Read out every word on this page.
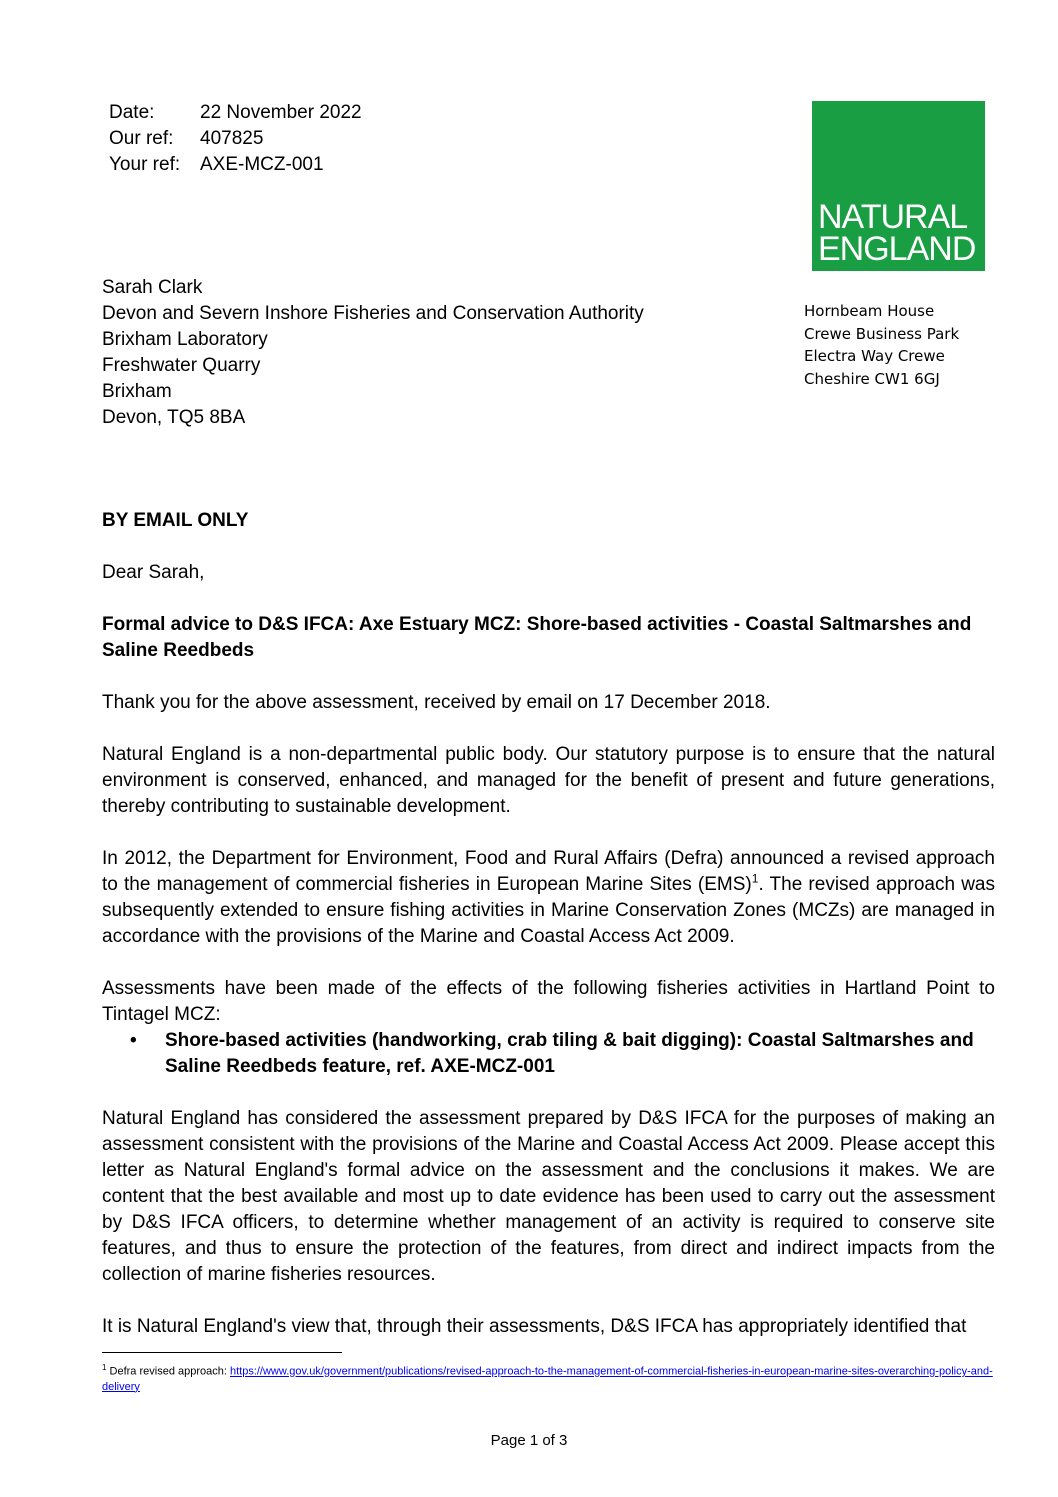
Date:	22 November 2022
Our ref:	407825
Your ref:	AXE-MCZ-001
NATURAL
ENGLAND
Hornbeam House
Crewe Business Park
Electra Way Crewe
Cheshire CW1 6GJ
Sarah Clark
Devon and Severn Inshore Fisheries and Conservation Authority
Brixham Laboratory
Freshwater Quarry
Brixham
Devon, TQ5 8BA

BY EMAIL ONLY

Dear Sarah,

Formal advice to D&S IFCA: Axe Estuary MCZ: Shore-based activities - Coastal Saltmarshes and Saline Reedbeds

Thank you for the above assessment, received by email on 17 December 2018.

Natural England is a non-departmental public body. Our statutory purpose is to ensure that the natural environment is conserved, enhanced, and managed for the benefit of present and future generations, thereby contributing to sustainable development.

In 2012, the Department for Environment, Food and Rural Affairs (Defra) announced a revised approach to the management of commercial fisheries in European Marine Sites (EMS)$^1$. The revised approach was subsequently extended to ensure fishing activities in Marine Conservation Zones (MCZs) are managed in accordance with the provisions of the Marine and Coastal Access Act 2009.

Assessments have been made of the effects of the following fisheries activities in Hartland Point to Tintagel MCZ:

•	Shore-based activities (handworking, crab tiling & bait digging): Coastal Saltmarshes and Saline Reedbeds feature, ref. AXE-MCZ-001

Natural England has considered the assessment prepared by D&S IFCA for the purposes of making an assessment consistent with the provisions of the Marine and Coastal Access Act 2009. Please accept this letter as Natural England's formal advice on the assessment and the conclusions it makes. We are content that the best available and most up to date evidence has been used to carry out the assessment by D&S IFCA officers, to determine whether management of an activity is required to conserve site features, and thus to ensure the protection of the features, from direct and indirect impacts from the collection of marine fisheries resources.

It is Natural England's view that, through their assessments, D&S IFCA has appropriately identified that

$^1$ Defra revised approach: https://www.gov.uk/government/publications/revised-approach-to-the-management-of-commercial-fisheries-in-european-marine-sites-overarching-policy-and-delivery
Page 1 of 3
